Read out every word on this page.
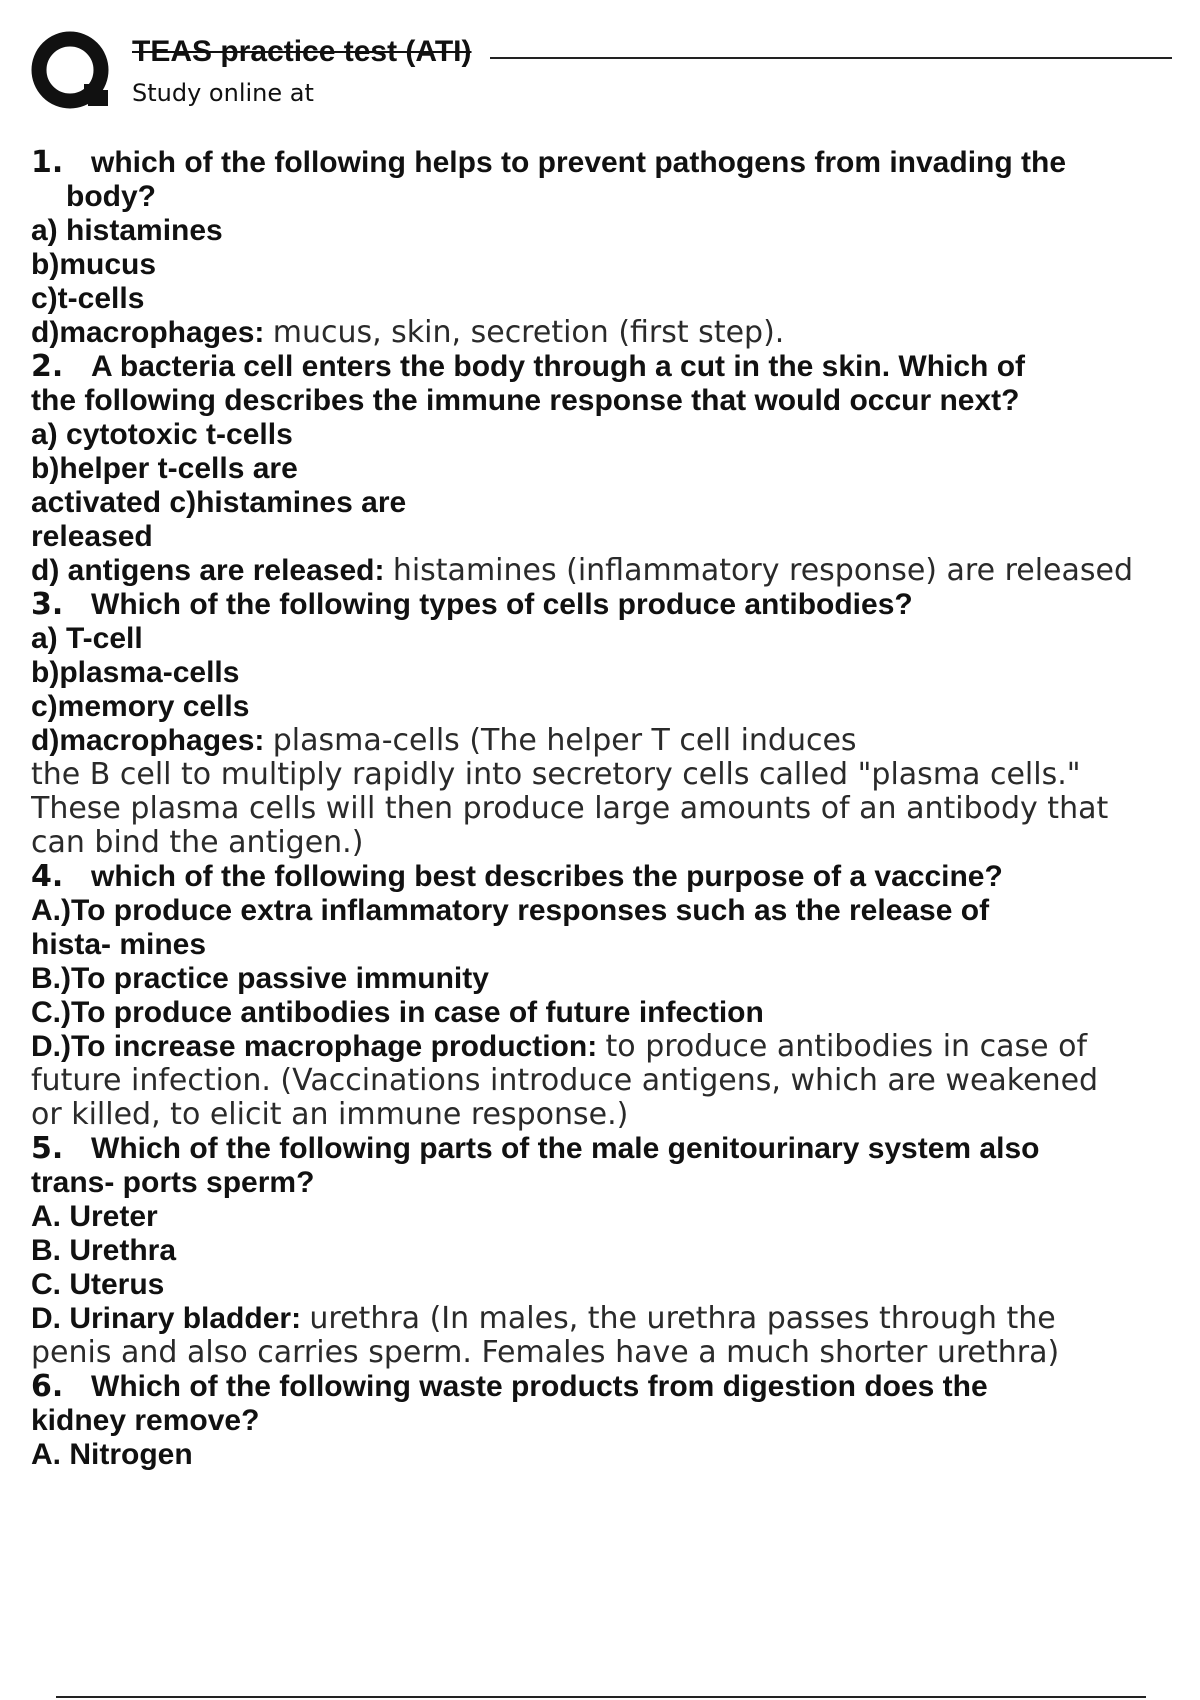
TEAS practice test (ATI)
Study online at
1. which of the following helps to prevent pathogens from invading the
body?
a) histamines
b)mucus
c)t-cells
d)macrophages: mucus, skin, secretion (first step).
2. A bacteria cell enters the body through a cut in the skin. Which of
the following describes the immune response that would occur next?
a) cytotoxic t-cells
b)helper t-cells are
activated c)histamines are
released
d) antigens are released: histamines (inflammatory response) are released
3. Which of the following types of cells produce antibodies?
a) T-cell
b)plasma-cells
c)memory cells
d)macrophages: plasma-cells (The helper T cell induces
the B cell to multiply rapidly into secretory cells called "plasma cells."
These plasma cells will then produce large amounts of an antibody that
can bind the antigen.)
4. which of the following best describes the purpose of a vaccine?
A.)To produce extra inflammatory responses such as the release of
hista- mines
B.)To practice passive immunity
C.)To produce antibodies in case of future infection
D.)To increase macrophage production: to produce antibodies in case of
future infection. (Vaccinations introduce antigens, which are weakened
or killed, to elicit an immune response.)
5. Which of the following parts of the male genitourinary system also
trans- ports sperm?
A. Ureter
B. Urethra
C. Uterus
D. Urinary bladder: urethra (In males, the urethra passes through the
penis and also carries sperm. Females have a much shorter urethra)
6. Which of the following waste products from digestion does the
kidney remove?
A. Nitrogen
